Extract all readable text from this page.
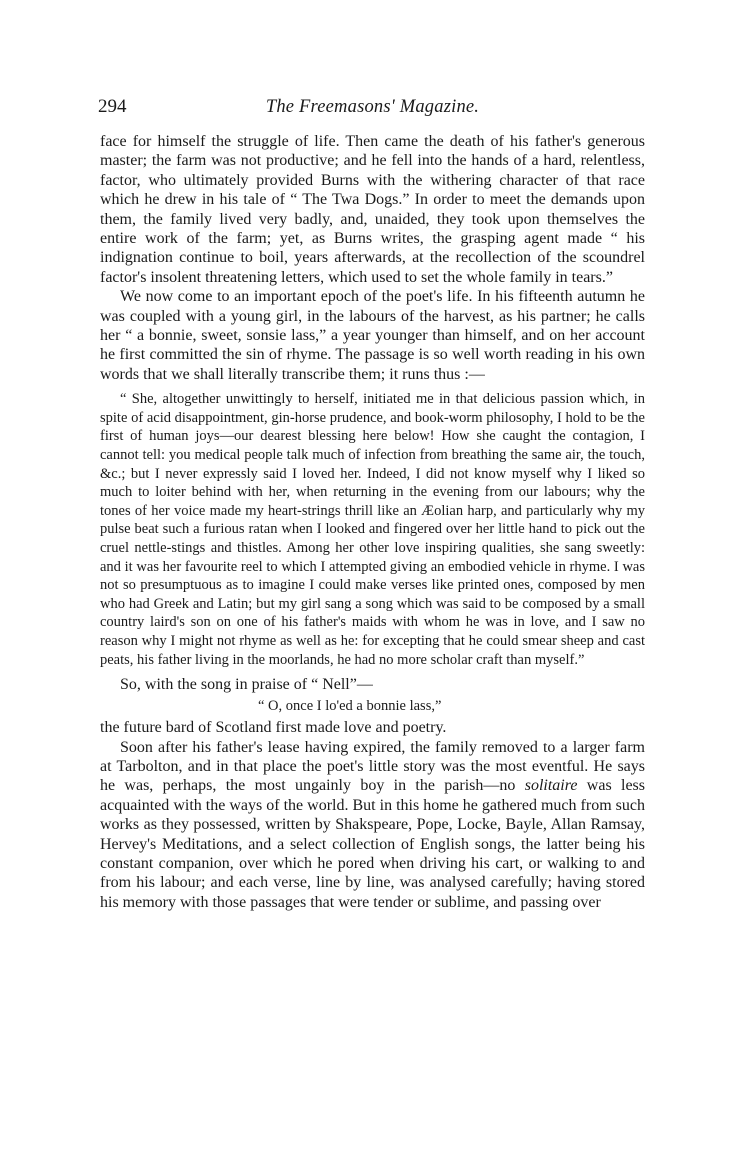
294	The Freemasons' Magazine.

face for himself the struggle of life. Then came the death of his father's generous master; the farm was not productive; and he fell into the hands of a hard, relentless, factor, who ultimately provided Burns with the withering character of that race which he drew in his tale of “ The Twa Dogs.” In order to meet the demands upon them, the family lived very badly, and, unaided, they took upon themselves the entire work of the farm; yet, as Burns writes, the grasping agent made “ his indignation continue to boil, years afterwards, at the recollection of the scoundrel factor's insolent threatening letters, which used to set the whole family in tears.”

We now come to an important epoch of the poet's life. In his fifteenth autumn he was coupled with a young girl, in the labours of the harvest, as his partner; he calls her “ a bonnie, sweet, sonsie lass,” a year younger than himself, and on her account he first committed the sin of rhyme. The passage is so well worth reading in his own words that we shall literally transcribe them; it runs thus :—

“ She, altogether unwittingly to herself, initiated me in that delicious passion which, in spite of acid disappointment, gin-horse prudence, and book-worm philosophy, I hold to be the first of human joys—our dearest blessing here below! How she caught the contagion, I cannot tell: you medical people talk much of infection from breathing the same air, the touch, &c.; but I never expressly said I loved her. Indeed, I did not know myself why I liked so much to loiter behind with her, when returning in the evening from our labours; why the tones of her voice made my heart-strings thrill like an Æolian harp, and particularly why my pulse beat such a furious ratan when I looked and fingered over her little hand to pick out the cruel nettle-stings and thistles. Among her other love inspiring qualities, she sang sweetly: and it was her favourite reel to which I attempted giving an embodied vehicle in rhyme. I was not so presumptuous as to imagine I could make verses like printed ones, composed by men who had Greek and Latin; but my girl sang a song which was said to be composed by a small country laird's son on one of his father's maids with whom he was in love, and I saw no reason why I might not rhyme as well as he: for excepting that he could smear sheep and cast peats, his father living in the moorlands, he had no more scholar craft than myself.”

So, with the song in praise of “ Nell”—

“ O, once I lo'ed a bonnie lass,”

the future bard of Scotland first made love and poetry.

Soon after his father's lease having expired, the family removed to a larger farm at Tarbolton, and in that place the poet's little story was the most eventful. He says he was, perhaps, the most ungainly boy in the parish—no solitaire was less acquainted with the ways of the world. But in this home he gathered much from such works as they possessed, written by Shakspeare, Pope, Locke, Bayle, Allan Ramsay, Hervey's Meditations, and a select collection of English songs, the latter being his constant companion, over which he pored when driving his cart, or walking to and from his labour; and each verse, line by line, was analysed carefully; having stored his memory with those passages that were tender or sublime, and passing over
